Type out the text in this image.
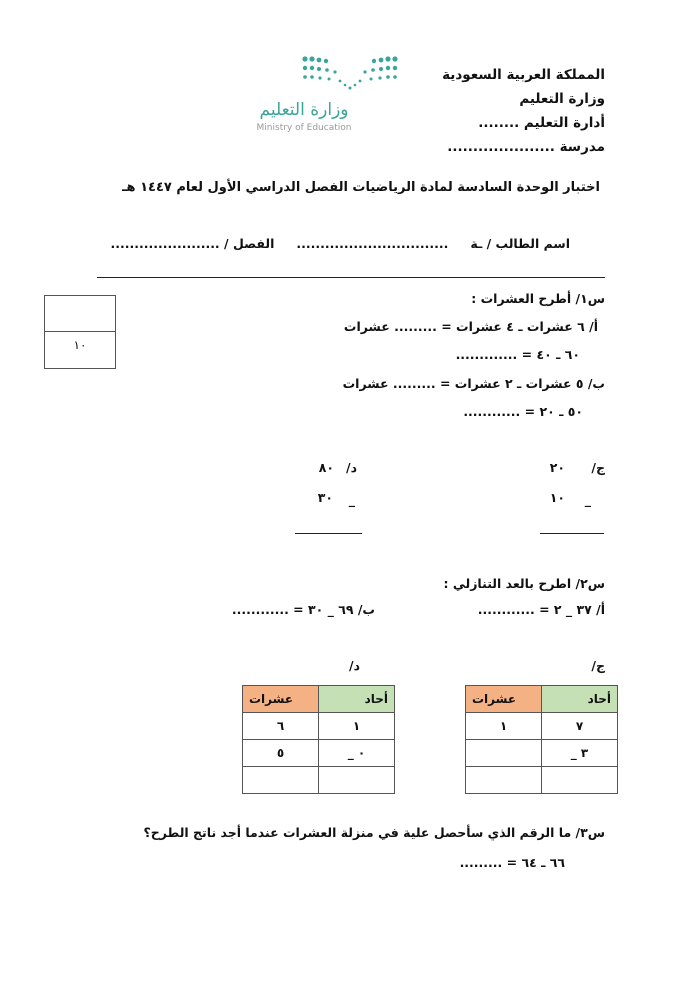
وزارة التعليم
Ministry of Education
المملكة العربية السعودية
وزارة التعليم
أدارة التعليم ........
مدرسة .....................
اختبار الوحدة السادسة لمادة الرياضيات الفصل الدراسي الأول لعام ١٤٤٧ هـ
اسم الطالب / ـة
................................
الفصل / .......................
١٠
س١/ أطرح العشرات :
أ/ ٦ عشرات ـ ٤ عشرات = ......... عشرات
٦٠ ـ ٤٠ = .............
ب/ ٥ عشرات ـ ٢ عشرات = ......... عشرات
٥٠ ـ ٢٠ = ............
ج/
٢٠
١٠ _
د/
٨٠
٣٠ _
س٢/ اطرح بالعد التنازلي :
أ/ ٣٧ _ ٢ = ............
ب/ ٦٩ _ ٣٠ = ............
ج/
د/
أحاد	عشرات
٧	١
٣ _	

أحاد	عشرات
١	٦
٠ _	٥

س٣/ ما الرقم الذي سأحصل علية في منزلة العشرات عندما أجد ناتج الطرح؟
٦٦ ـ ٦٤ = .........
